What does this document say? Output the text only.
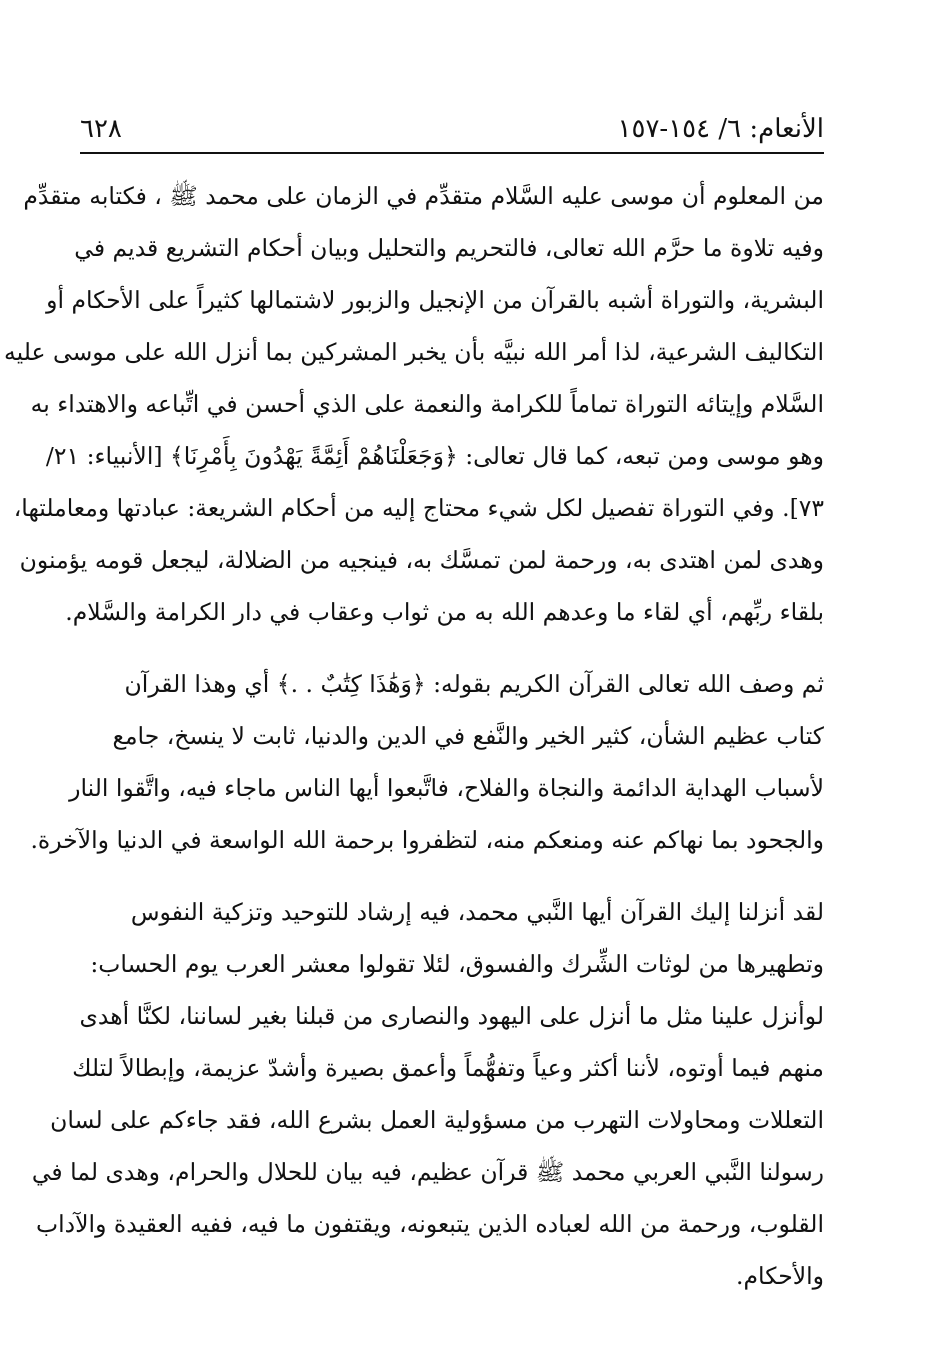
الأنعام: ٦/ ١٥٤-١٥٧
٦٢٨
من المعلوم أن موسى عليه السَّلام متقدِّم في الزمان على محمد ﷺ ، فكتابه متقدِّم
وفيه تلاوة ما حرَّم الله تعالى، فالتحريم والتحليل وبيان أحكام التشريع قديم في
البشرية، والتوراة أشبه بالقرآن من الإنجيل والزبور لاشتمالها كثيراً على الأحكام أو
التكاليف الشرعية، لذا أمر الله نبيَّه بأن يخبر المشركين بما أنزل الله على موسى عليه
السَّلام وإيتائه التوراة تماماً للكرامة والنعمة على الذي أحسن في اتِّباعه والاهتداء به
وهو موسى ومن تبعه، كما قال تعالى: ﴿وَجَعَلْنَاهُمْ أَئِمَّةً يَهْدُونَ بِأَمْرِنَا﴾ [الأنبياء: ٢١/
٧٣]. وفي التوراة تفصيل لكل شيء محتاج إليه من أحكام الشريعة: عبادتها ومعاملتها،
وهدى لمن اهتدى به، ورحمة لمن تمسَّك به، فينجيه من الضلالة، ليجعل قومه يؤمنون
بلقاء ربِّهم، أي لقاء ما وعدهم الله به من ثواب وعقاب في دار الكرامة والسَّلام.
ثم وصف الله تعالى القرآن الكريم بقوله: ﴿وَهَٰذَا كِتَٰبٌ . .﴾ أي وهذا القرآن
كتاب عظيم الشأن، كثير الخير والنَّفع في الدين والدنيا، ثابت لا ينسخ، جامع
لأسباب الهداية الدائمة والنجاة والفلاح، فاتَّبعوا أيها الناس ماجاء فيه، واتَّقوا النار
والجحود بما نهاكم عنه ومنعكم منه، لتظفروا برحمة الله الواسعة في الدنيا والآخرة.
لقد أنزلنا إليك القرآن أيها النَّبي محمد، فيه إرشاد للتوحيد وتزكية النفوس
وتطهيرها من لوثات الشِّرك والفسوق، لئلا تقولوا معشر العرب يوم الحساب:
لوأنزل علينا مثل ما أنزل على اليهود والنصارى من قبلنا بغير لساننا، لكنَّا أهدى
منهم فيما أوتوه، لأننا أكثر وعياً وتفهُّماً وأعمق بصيرة وأشدّ عزيمة، وإبطالاً لتلك
التعللات ومحاولات التهرب من مسؤولية العمل بشرع الله، فقد جاءكم على لسان
رسولنا النَّبي العربي محمد ﷺ قرآن عظيم، فيه بيان للحلال والحرام، وهدى لما في
القلوب، ورحمة من الله لعباده الذين يتبعونه، ويقتفون ما فيه، ففيه العقيدة والآداب
والأحكام.
